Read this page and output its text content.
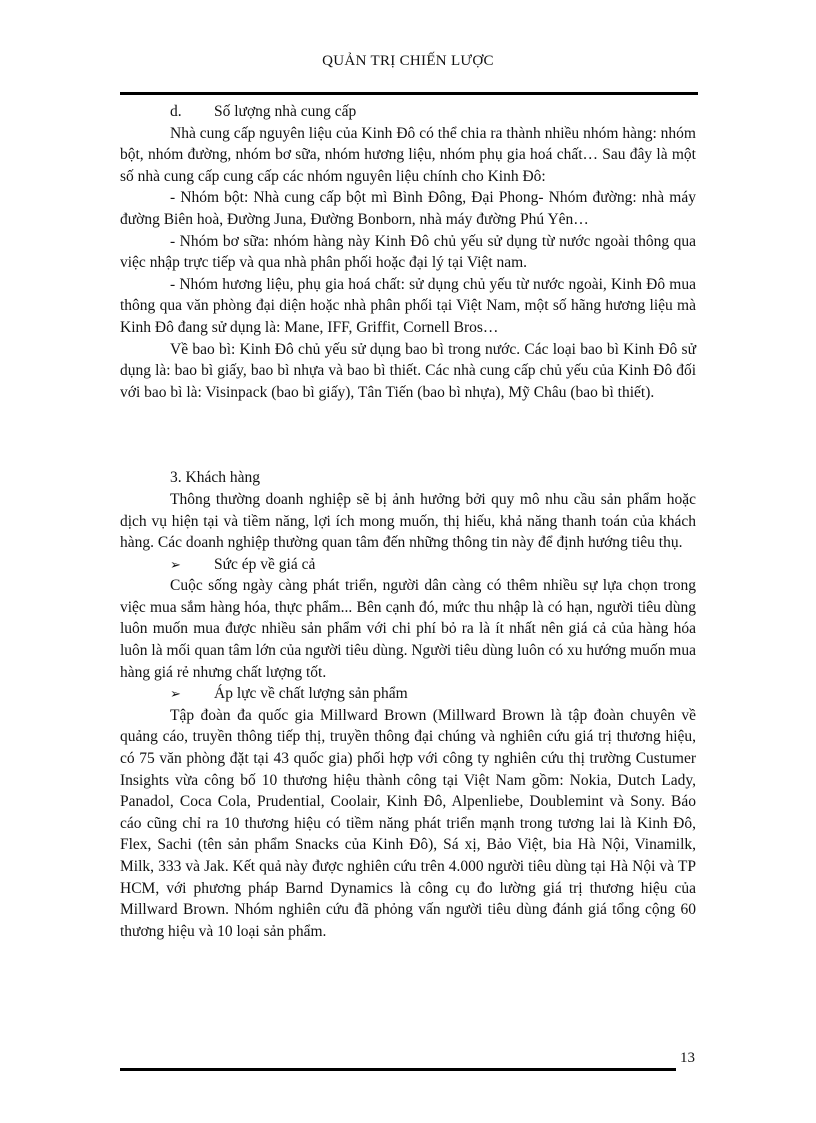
QUẢN TRỊ CHIẾN LƯỢC

d. Số lượng nhà cung cấp

Nhà cung cấp nguyên liệu của Kinh Đô có thể chia ra thành nhiều nhóm hàng: nhóm bột, nhóm đường, nhóm bơ sữa, nhóm hương liệu, nhóm phụ gia hoá chất… Sau đây là một số nhà cung cấp cung cấp các nhóm nguyên liệu chính cho Kinh Đô:

- Nhóm bột: Nhà cung cấp bột mì Bình Đông, Đại Phong- Nhóm đường: nhà máy đường Biên hoà, Đường Juna, Đường Bonborn, nhà máy đường Phú Yên…

- Nhóm bơ sữa: nhóm hàng này Kinh Đô chủ yếu sử dụng từ nước ngoài thông qua việc nhập trực tiếp và qua nhà phân phối hoặc đại lý tại Việt nam.

- Nhóm hương liệu, phụ gia hoá chất: sử dụng chủ yếu từ nước ngoài, Kinh Đô mua thông qua văn phòng đại diện hoặc nhà phân phối tại Việt Nam, một số hãng hương liệu mà Kinh Đô đang sử dụng là: Mane, IFF, Griffit, Cornell Bros…

Về bao bì: Kinh Đô chủ yếu sử dụng bao bì trong nước. Các loại bao bì Kinh Đô sử dụng là: bao bì giấy, bao bì nhựa và bao bì thiết. Các nhà cung cấp chủ yếu của Kinh Đô đối với bao bì là: Visinpack (bao bì giấy), Tân Tiến (bao bì nhựa), Mỹ Châu (bao bì thiết).

3. Khách hàng

Thông thường doanh nghiệp sẽ bị ảnh hưởng bởi quy mô nhu cầu sản phẩm hoặc dịch vụ hiện tại và tiềm năng, lợi ích mong muốn, thị hiếu, khả năng thanh toán của khách hàng. Các doanh nghiệp thường quan tâm đến những thông tin này để định hướng tiêu thụ.

➢	Sức ép về giá cả

Cuộc sống ngày càng phát triển, người dân càng có thêm nhiều sự lựa chọn trong việc mua sắm hàng hóa, thực phẩm... Bên cạnh đó, mức thu nhập là có hạn, người tiêu dùng luôn muốn mua được nhiều sản phẩm với chi phí bỏ ra là ít nhất nên giá cả của hàng hóa luôn là mối quan tâm lớn của người tiêu dùng. Người tiêu dùng luôn có xu hướng muốn mua hàng giá rẻ nhưng chất lượng tốt.

➢	Áp lực về chất lượng sản phẩm

Tập đoàn đa quốc gia Millward Brown (Millward Brown là tập đoàn chuyên về quảng cáo, truyền thông tiếp thị, truyền thông đại chúng và nghiên cứu giá trị thương hiệu, có 75 văn phòng đặt tại 43 quốc gia) phối hợp với công ty nghiên cứu thị trường Custumer Insights vừa công bố 10 thương hiệu thành công tại Việt Nam gồm: Nokia, Dutch Lady, Panadol, Coca Cola, Prudential, Coolair, Kinh Đô, Alpenliebe, Doublemint và Sony. Báo cáo cũng chỉ ra 10 thương hiệu có tiềm năng phát triển mạnh trong tương lai là Kinh Đô, Flex, Sachi (tên sản phẩm Snacks của Kinh Đô), Sá xị, Bảo Việt, bia Hà Nội, Vinamilk, Milk, 333 và Jak. Kết quả này được nghiên cứu trên 4.000 người tiêu dùng tại Hà Nội và TP HCM, với phương pháp Barnd Dynamics là công cụ đo lường giá trị thương hiệu của Millward Brown. Nhóm nghiên cứu đã phỏng vấn người tiêu dùng đánh giá tổng cộng 60 thương hiệu và 10 loại sản phẩm.

13
